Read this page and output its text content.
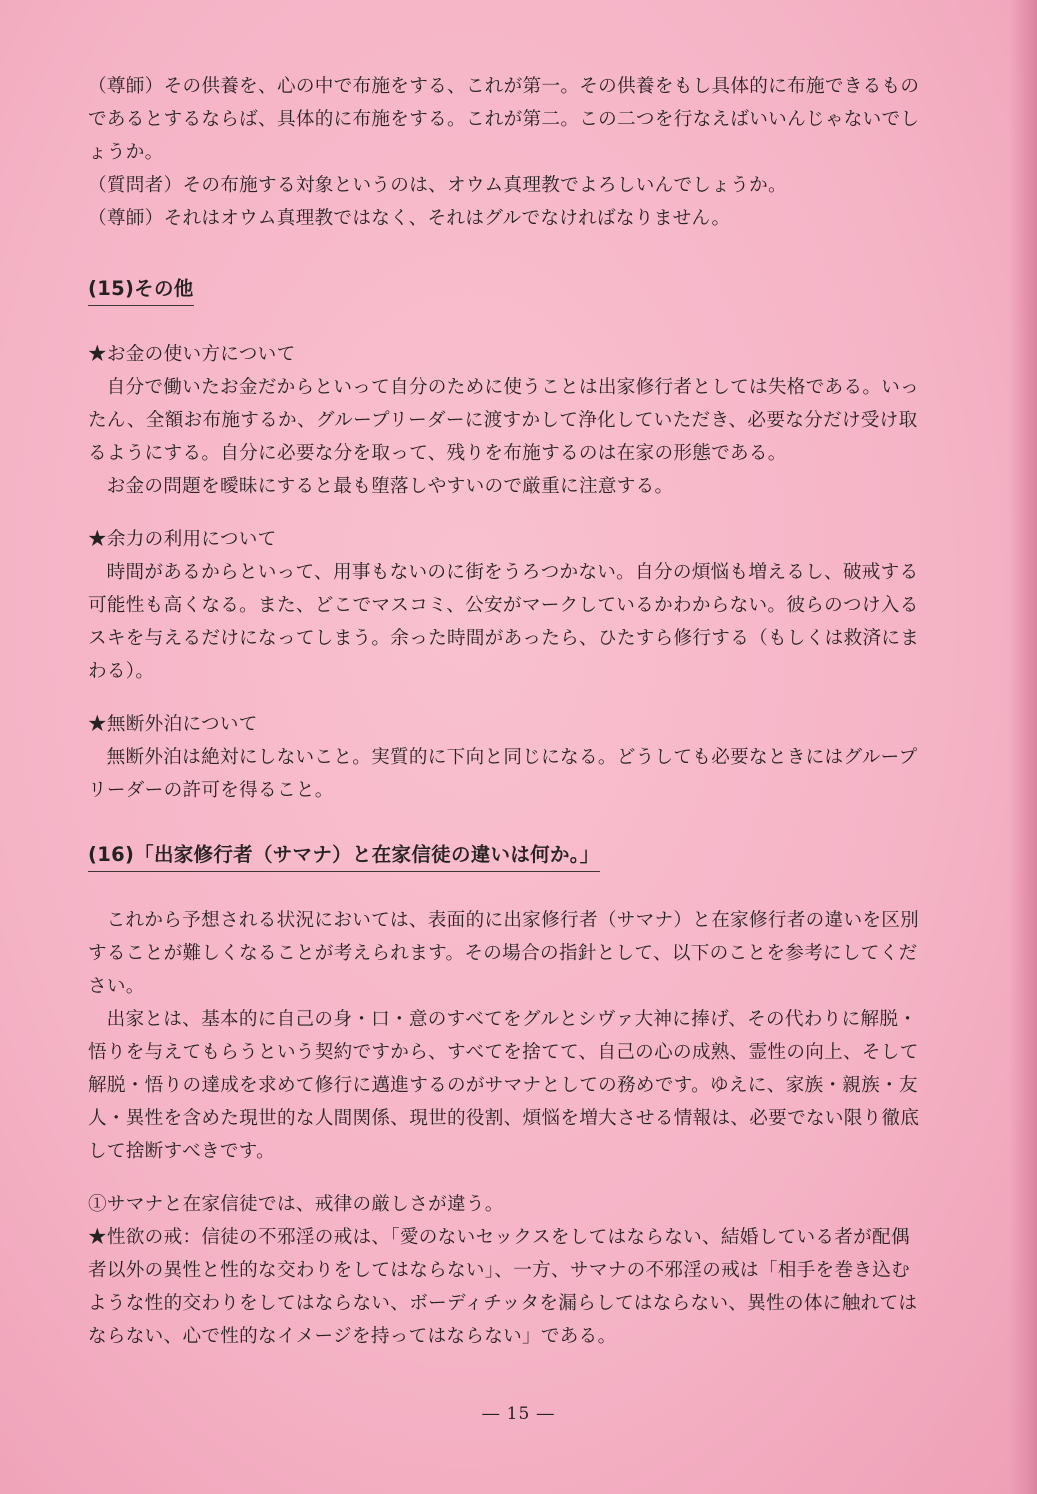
（尊師）その供養を、心の中で布施をする、これが第一。その供養をもし具体的に布施できるものであるとするならば、具体的に布施をする。これが第二。この二つを行なえばいいんじゃないでしょうか。

（質問者）その布施する対象というのは、オウム真理教でよろしいんでしょうか。

（尊師）それはオウム真理教ではなく、それはグルでなければなりません。

(15)その他

★お金の使い方について

自分で働いたお金だからといって自分のために使うことは出家修行者としては失格である。いったん、全額お布施するか、グループリーダーに渡すかして浄化していただき、必要な分だけ受け取るようにする。自分に必要な分を取って、残りを布施するのは在家の形態である。

お金の問題を曖昧にすると最も堕落しやすいので厳重に注意する。

★余力の利用について

時間があるからといって、用事もないのに街をうろつかない。自分の煩悩も増えるし、破戒する可能性も高くなる。また、どこでマスコミ、公安がマークしているかわからない。彼らのつけ入るスキを与えるだけになってしまう。余った時間があったら、ひたすら修行する（もしくは救済にまわる）。

★無断外泊について

無断外泊は絶対にしないこと。実質的に下向と同じになる。どうしても必要なときにはグループリーダーの許可を得ること。

(16)「出家修行者（サマナ）と在家信徒の違いは何か。」

これから予想される状況においては、表面的に出家修行者（サマナ）と在家修行者の違いを区別することが難しくなることが考えられます。その場合の指針として、以下のことを参考にしてください。

出家とは、基本的に自己の身・口・意のすべてをグルとシヴァ大神に捧げ、その代わりに解脱・悟りを与えてもらうという契約ですから、すべてを捨てて、自己の心の成熟、霊性の向上、そして解脱・悟りの達成を求めて修行に邁進するのがサマナとしての務めです。ゆえに、家族・親族・友人・異性を含めた現世的な人間関係、現世的役割、煩悩を増大させる情報は、必要でない限り徹底して捨断すべきです。

①サマナと在家信徒では、戒律の厳しさが違う。

★性欲の戒：信徒の不邪淫の戒は、「愛のないセックスをしてはならない、結婚している者が配偶者以外の異性と性的な交わりをしてはならない」、一方、サマナの不邪淫の戒は「相手を巻き込むような性的交わりをしてはならない、ボーディチッタを漏らしてはならない、異性の体に触れてはならない、心で性的なイメージを持ってはならない」である。

― 15 ―
